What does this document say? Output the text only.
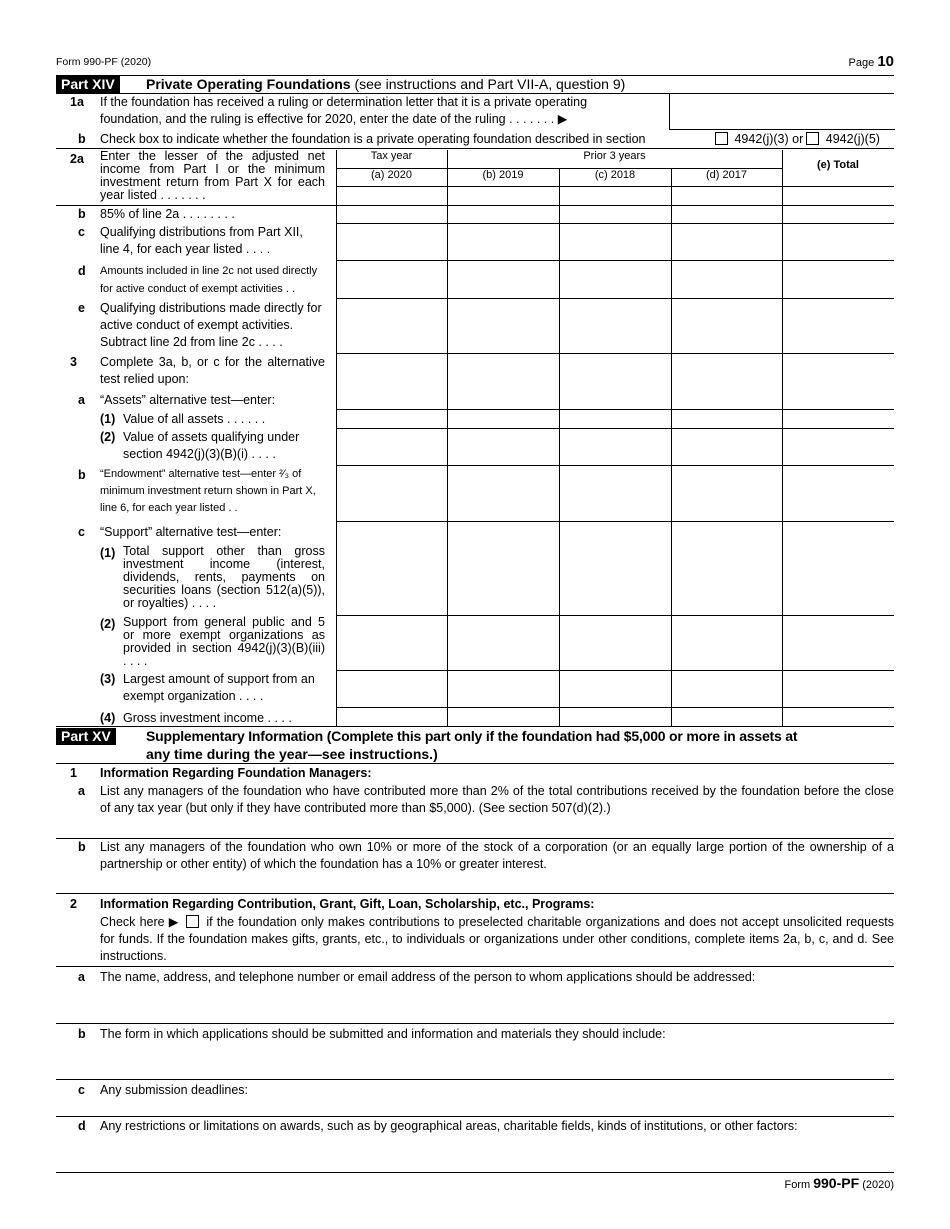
Form 990-PF (2020)	Page 10
Part XIV	Private Operating Foundations (see instructions and Part VII-A, question 9)
1a If the foundation has received a ruling or determination letter that it is a private operating
foundation, and the ruling is effective for 2020, enter the date of the ruling . . . . . . . ▶
b Check box to indicate whether the foundation is a private operating foundation described in section	4942(j)(3) or 4942(j)(5)
2a Enter the lesser of the adjusted net income from Part I or the minimum investment return from Part X for each year listed . . . . . . .
b 85% of line 2a . . . . . . . .
c Qualifying distributions from Part XII, line 4, for each year listed . . . .
d Amounts included in line 2c not used directly for active conduct of exempt activities . .
e Qualifying distributions made directly for active conduct of exempt activities. Subtract line 2d from line 2c . . . .
3 Complete 3a, b, or c for the alternative test relied upon:
a “Assets” alternative test—enter:
(1) Value of all assets . . . . . .
(2) Value of assets qualifying under section 4942(j)(3)(B)(i) . . . .
b “Endowment” alternative test—enter ²⁄₃ of minimum investment return shown in Part X, line 6, for each year listed . .
c “Support” alternative test—enter:
(1) Total support other than gross investment income (interest, dividends, rents, payments on securities loans (section 512(a)(5)), or royalties) . . . .
(2) Support from general public and 5 or more exempt organizations as provided in section 4942(j)(3)(B)(iii) . . . .
(3) Largest amount of support from an exempt organization . . . .
(4) Gross investment income . . . .
Tax year	Prior 3 years
(a) 2020	(b) 2019	(c) 2018	(d) 2017
(e) Total
Part XV	Supplementary Information (Complete this part only if the foundation had $5,000 or more in assets at
any time during the year—see instructions.)
1 Information Regarding Foundation Managers:
a List any managers of the foundation who have contributed more than 2% of the total contributions received by the foundation before the close of any tax year (but only if they have contributed more than $5,000). (See section 507(d)(2).)
b List any managers of the foundation who own 10% or more of the stock of a corporation (or an equally large portion of the ownership of a partnership or other entity) of which the foundation has a 10% or greater interest.
2 Information Regarding Contribution, Grant, Gift, Loan, Scholarship, etc., Programs:
Check here ▶ if the foundation only makes contributions to preselected charitable organizations and does not accept unsolicited requests for funds. If the foundation makes gifts, grants, etc., to individuals or organizations under other conditions, complete items 2a, b, c, and d. See instructions.
a The name, address, and telephone number or email address of the person to whom applications should be addressed:
b The form in which applications should be submitted and information and materials they should include:
c Any submission deadlines:
d Any restrictions or limitations on awards, such as by geographical areas, charitable fields, kinds of institutions, or other factors:
Form 990-PF (2020)
